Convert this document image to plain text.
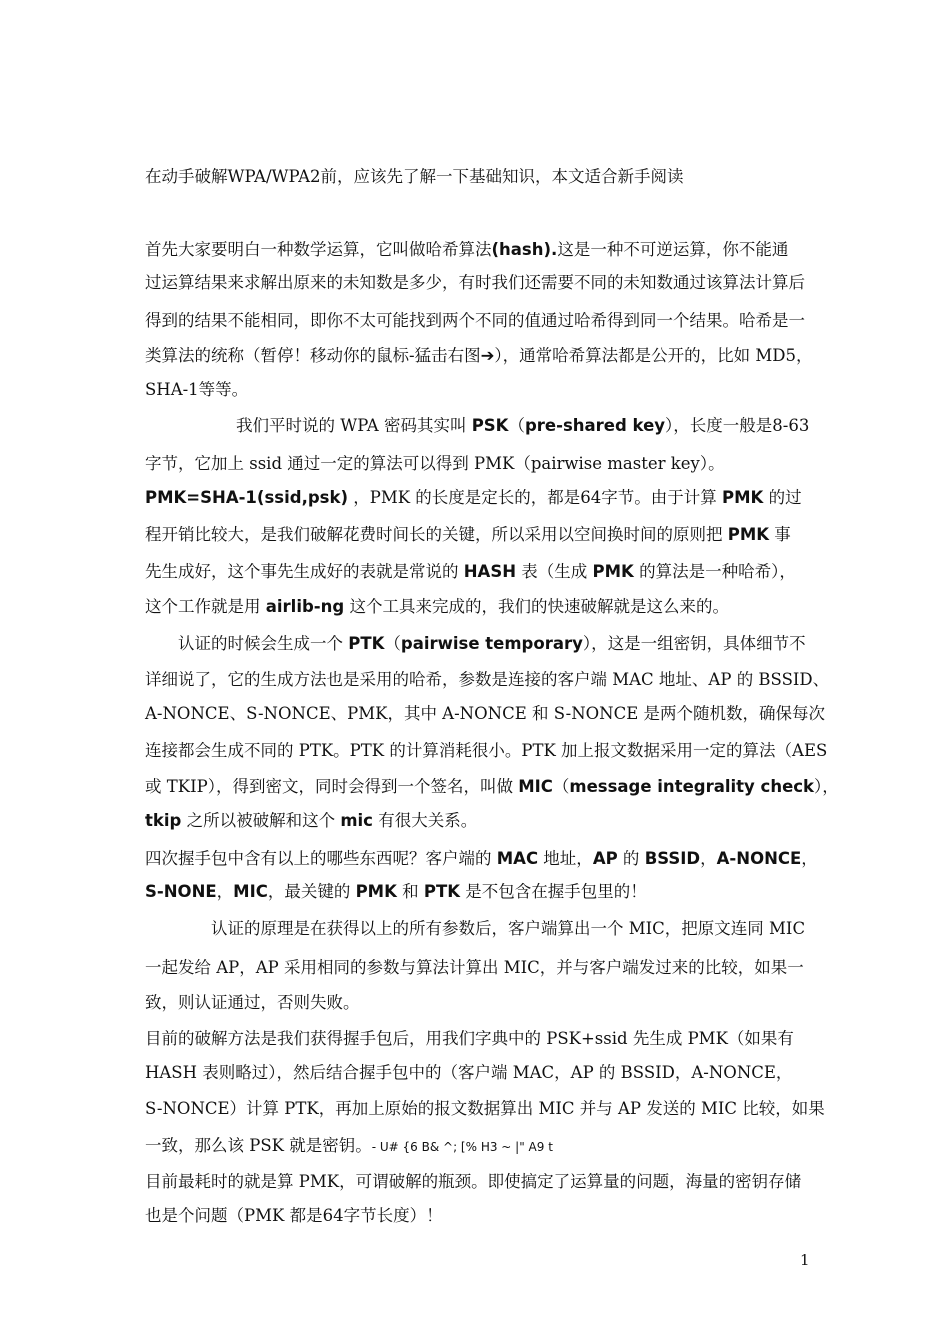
在动手破解WPA/WPA2前，应该先了解一下基础知识，本文适合新手阅读
首先大家要明白一种数学运算，它叫做哈希算法(hash).这是一种不可逆运算，你不能通
过运算结果来求解出原来的未知数是多少，有时我们还需要不同的未知数通过该算法计算后
得到的结果不能相同，即你不太可能找到两个不同的值通过哈希得到同一个结果。哈希是一
类算法的统称（暂停！移动你的鼠标-猛击右图➔），通常哈希算法都是公开的，比如 MD5，
SHA-1等等。
我们平时说的 WPA 密码其实叫 PSK（pre-shared key），长度一般是8-63
字节，它加上 ssid 通过一定的算法可以得到 PMK（pairwise master key）。
PMK=SHA-1(ssid,psk) ，PMK 的长度是定长的，都是64字节。由于计算 PMK 的过
程开销比较大，是我们破解花费时间长的关键，所以采用以空间换时间的原则把 PMK 事
先生成好，这个事先生成好的表就是常说的 HASH 表（生成 PMK 的算法是一种哈希），
这个工作就是用 airlib-ng 这个工具来完成的，我们的快速破解就是这么来的。
认证的时候会生成一个 PTK（pairwise temporary），这是一组密钥，具体细节不
详细说了，它的生成方法也是采用的哈希，参数是连接的客户端 MAC 地址、AP 的 BSSID、
A-NONCE、S-NONCE、PMK，其中 A-NONCE 和 S-NONCE 是两个随机数，确保每次
连接都会生成不同的 PTK。PTK 的计算消耗很小。PTK 加上报文数据采用一定的算法（AES
或 TKIP），得到密文，同时会得到一个签名，叫做 MIC（message integrality check），
tkip 之所以被破解和这个 mic 有很大关系。
四次握手包中含有以上的哪些东西呢？客户端的 MAC 地址，AP 的 BSSID，A-NONCE，
S-NONE，MIC，最关键的 PMK 和 PTK 是不包含在握手包里的！
认证的原理是在获得以上的所有参数后，客户端算出一个 MIC，把原文连同 MIC
一起发给 AP，AP 采用相同的参数与算法计算出 MIC，并与客户端发过来的比较，如果一
致，则认证通过，否则失败。
目前的破解方法是我们获得握手包后，用我们字典中的 PSK+ssid 先生成 PMK（如果有
HASH 表则略过），然后结合握手包中的（客户端 MAC，AP 的 BSSID，A-NONCE，
S-NONCE）计算 PTK，再加上原始的报文数据算出 MIC 并与 AP 发送的 MIC 比较，如果
一致，那么该 PSK 就是密钥。- U# {6 B& ^; [% H3 ~ |" A9 t
目前最耗时的就是算 PMK，可谓破解的瓶颈。即使搞定了运算量的问题，海量的密钥存储
也是个问题（PMK 都是64字节长度）！
1
